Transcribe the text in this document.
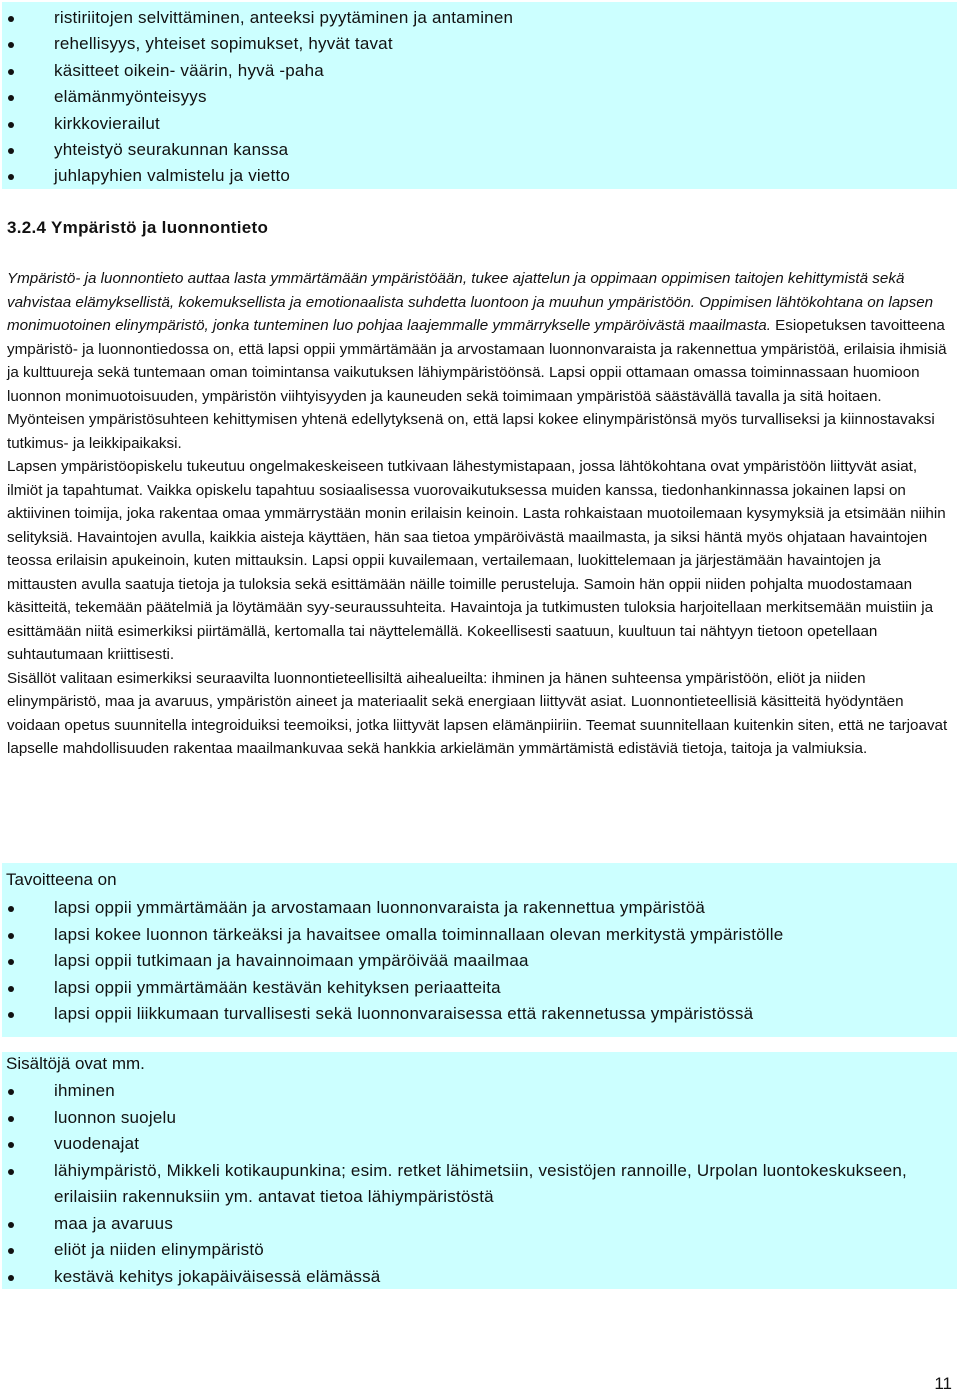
ristiriitojen selvittäminen, anteeksi pyytäminen ja antaminen
rehellisyys, yhteiset sopimukset, hyvät tavat
käsitteet oikein- väärin, hyvä -paha
elämänmyönteisyys
kirkkovierailut
yhteistyö seurakunnan kanssa
juhlapyhien valmistelu ja vietto
3.2.4 Ympäristö ja luonnontieto

Ympäristö- ja luonnontieto auttaa lasta ymmärtämään ympäristöään, tukee ajattelun ja oppimaan oppimisen taitojen kehittymistä sekä vahvistaa elämyksellistä, kokemuksellista ja emotionaalista suhdetta luontoon ja muuhun ympäristöön. Oppimisen lähtökohtana on lapsen monimuotoinen elinympäristö, jonka tunteminen luo pohjaa laajemmalle ymmärrykselle ympäröivästä maailmasta. Esiopetuksen tavoitteena ympäristö- ja luonnontiedossa on, että lapsi oppii ymmärtämään ja arvostamaan luonnonvaraista ja rakennettua ympäristöä, erilaisia ihmisiä ja kulttuureja sekä tuntemaan oman toimintansa vaikutuksen lähiympäristöönsä. Lapsi oppii ottamaan omassa toiminnassaan huomioon luonnon monimuotoisuuden, ympäristön viihtyisyyden ja kauneuden sekä toimimaan ympäristöä säästävällä tavalla ja sitä hoitaen. Myönteisen ympäristösuhteen kehittymisen yhtenä edellytyksenä on, että lapsi kokee elinympäristönsä myös turvalliseksi ja kiinnostavaksi tutkimus- ja leikkipaikaksi.

Lapsen ympäristöopiskelu tukeutuu ongelmakeskeiseen tutkivaan lähestymistapaan, jossa lähtökohtana ovat ympäristöön liittyvät asiat, ilmiöt ja tapahtumat. Vaikka opiskelu tapahtuu sosiaalisessa vuorovaikutuksessa muiden kanssa, tiedonhankinnassa jokainen lapsi on aktiivinen toimija, joka rakentaa omaa ymmärrystään monin erilaisin keinoin. Lasta rohkaistaan muotoilemaan kysymyksiä ja etsimään niihin selityksiä. Havaintojen avulla, kaikkia aisteja käyttäen, hän saa tietoa ympäröivästä maailmasta, ja siksi häntä myös ohjataan havaintojen teossa erilaisin apukeinoin, kuten mittauksin. Lapsi oppii kuvailemaan, vertailemaan, luokittelemaan ja järjestämään havaintojen ja mittausten avulla saatuja tietoja ja tuloksia sekä esittämään näille toimille perusteluja. Samoin hän oppii niiden pohjalta muodostamaan käsitteitä, tekemään päätelmiä ja löytämään syy-seuraussuhteita. Havaintoja ja tutkimusten tuloksia harjoitellaan merkitsemään muistiin ja esittämään niitä esimerkiksi piirtämällä, kertomalla tai näyttelemällä. Kokeellisesti saatuun, kuultuun tai nähtyyn tietoon opetellaan suhtautumaan kriittisesti.

Sisällöt valitaan esimerkiksi seuraavilta luonnontieteellisiltä aihealueilta: ihminen ja hänen suhteensa ympäristöön, eliöt ja niiden elinympäristö, maa ja avaruus, ympäristön aineet ja materiaalit sekä energiaan liittyvät asiat. Luonnontieteellisiä käsitteitä hyödyntäen voidaan opetus suunnitella integroiduiksi teemoiksi, jotka liittyvät lapsen elämänpiiriin. Teemat suunnitellaan kuitenkin siten, että ne tarjoavat lapselle mahdollisuuden rakentaa maailmankuvaa sekä hankkia arkielämän ymmärtämistä edistäviä tietoja, taitoja ja valmiuksia.

Tavoitteena on
lapsi oppii ymmärtämään ja arvostamaan luonnonvaraista ja rakennettua ympäristöä
lapsi kokee luonnon tärkeäksi ja havaitsee omalla toiminnallaan olevan merkitystä ympäristölle
lapsi oppii tutkimaan ja havainnoimaan ympäröivää maailmaa
lapsi oppii ymmärtämään kestävän kehityksen periaatteita
lapsi oppii liikkumaan turvallisesti sekä luonnonvaraisessa että rakennetussa ympäristössä
Sisältöjä ovat mm.
ihminen
luonnon suojelu
vuodenajat
lähiympäristö, Mikkeli kotikaupunkina; esim. retket lähimetsiin, vesistöjen rannoille, Urpolan luontokeskukseen, erilaisiin rakennuksiin ym. antavat tietoa lähiympäristöstä
maa ja avaruus
eliöt ja niiden elinympäristö
kestävä kehitys jokapäiväisessä elämässä
11
